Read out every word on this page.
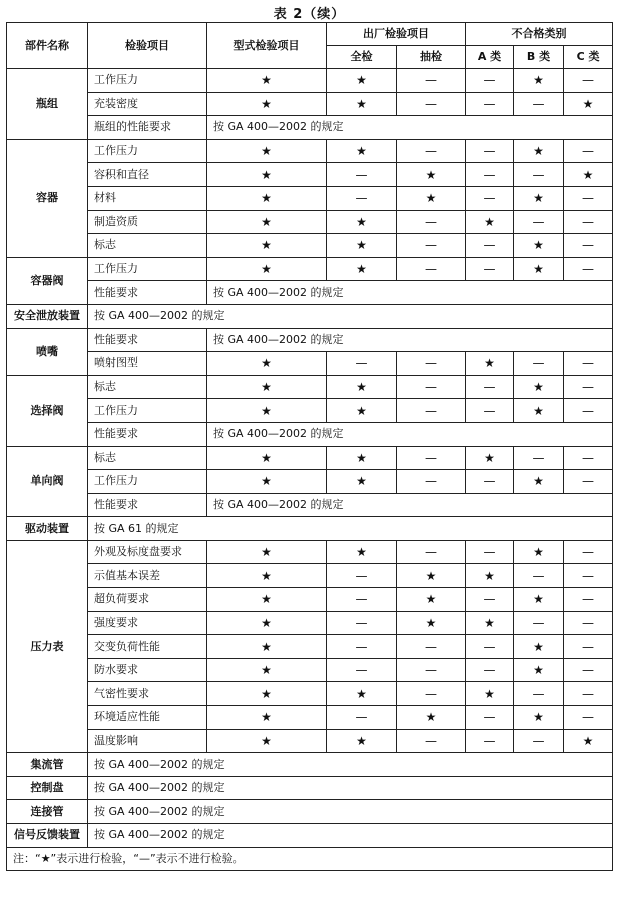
表 2（续）
部件名称	检验项目	型式检验项目	出厂检验项目		不合格类别		
			全检	抽检	A 类	B 类	C 类
瓶组	工作压力	★	★	—	—	★	—
	充装密度	★	★	—	—	—	★
	瓶组的性能要求	按 GA 400—2002 的规定					
容器	工作压力	★	★	—	—	★	—
	容积和直径	★	—	★	—	—	★
	材料	★	—	★	—	★	—
	制造资质	★	★	—	★	—	—
	标志	★	★	—	—	★	—
容器阀	工作压力	★	★	—	—	★	—
	性能要求	按 GA 400—2002 的规定					
安全泄放装置	按 GA 400—2002 的规定						
喷嘴	性能要求	按 GA 400—2002 的规定					
	喷射图型	★	—	—	★	—	—
选择阀	标志	★	★	—	—	★	—
	工作压力	★	★	—	—	★	—
	性能要求	按 GA 400—2002 的规定					
单向阀	标志	★	★	—	★	—	—
	工作压力	★	★	—	—	★	—
	性能要求	按 GA 400—2002 的规定					
驱动装置	按 GA 61 的规定						
压力表	外观及标度盘要求	★	★	—	—	★	—
	示值基本误差	★	—	★	★	—	—
	超负荷要求	★	—	★	—	★	—
	强度要求	★	—	★	★	—	—
	交变负荷性能	★	—	—	—	★	—
	防水要求	★	—	—	—	★	—
	气密性要求	★	★	—	★	—	—
	环境适应性能	★	—	★	—	★	—
	温度影响	★	★	—	—	—	★
集流管	按 GA 400—2002 的规定						
控制盘	按 GA 400—2002 的规定						
连接管	按 GA 400—2002 的规定						
信号反馈装置	按 GA 400—2002 的规定						
注：“★”表示进行检验，“—”表示不进行检验。							
